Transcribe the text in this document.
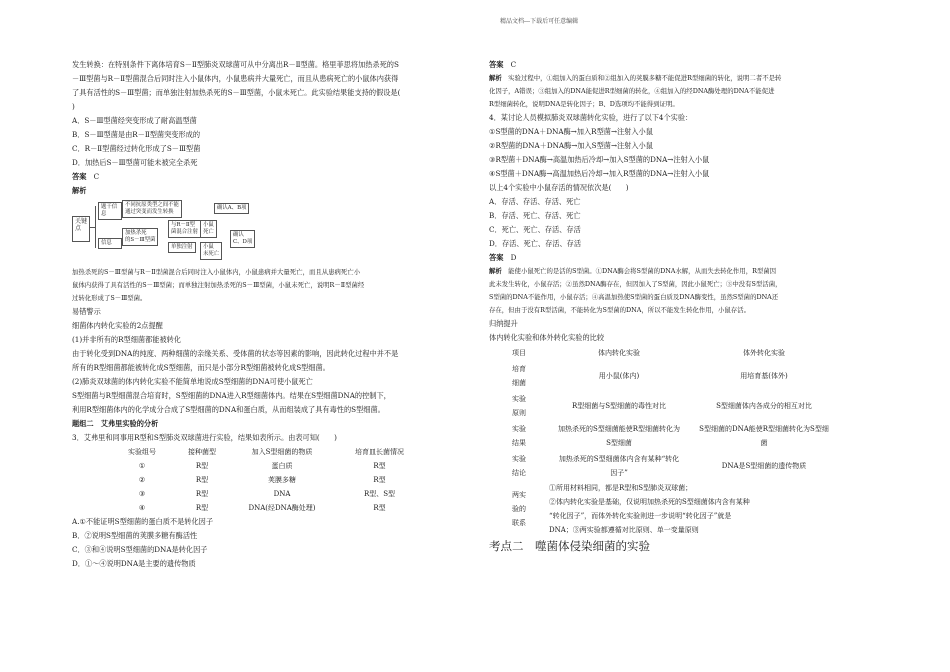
精品文档---下载后可任意编辑

发生转换：在特别条件下离体培育S－Ⅱ型肺炎双球菌可从中分离出R－Ⅱ型菌。格里菲思将加热杀死的S

－Ⅲ型菌与R－Ⅱ型菌混合后同时注入小鼠体内，小鼠患病并大量死亡，而且从患病死亡的小鼠体内获得

了具有活性的S－Ⅲ型菌；而单独注射加热杀死的S－Ⅲ型菌，小鼠未死亡。此实验结果能支持的假设是(

)

A．S－Ⅲ型菌经突变形成了耐高温型菌

B．S－Ⅲ型菌是由R－Ⅱ型菌突变形成的

C．R－Ⅱ型菌经过转化形成了S－Ⅲ型菌

D．加热后S－Ⅲ型菌可能未被完全杀死

答案　 C

解析

关键点
题干信息
信息
不同抗原类型之间不能
通过突变而发生转换
确认A、B项
加热杀死
的S－Ⅲ型菌
与R－Ⅱ型
菌混合注射
单独注射
小鼠
死亡
小鼠
未死亡
确认
C、D项

加热杀死的S－Ⅲ型菌与R－Ⅱ型菌混合后同时注入小鼠体内，小鼠患病并大量死亡，而且从患病死亡小

鼠体内获得了具有活性的S－Ⅲ型菌；而单独注射加热杀死的S－Ⅲ型菌，小鼠未死亡，说明R－Ⅱ型菌经

过转化形成了S－Ⅲ型菌。

易错警示

细菌体内转化实验的2点提醒

(1)并非所有的R型细菌都能被转化

由于转化受到DNA的纯度、两种细菌的亲缘关系、受体菌的状态等因素的影响，因此转化过程中并不是

所有的R型细菌都能被转化成S型细菌，而只是小部分R型细菌被转化成S型细菌。

(2)肺炎双球菌的体内转化实验不能简单地说成S型细菌的DNA可使小鼠死亡

S型细菌与R型细菌混合培育时，S型细菌的DNA进入R型细菌体内。结果在S型细菌DNA的控制下，

利用R型细菌体内的化学成分合成了S型细菌的DNA和蛋白质，从而组装成了具有毒性的S型细菌。

题组二　艾弗里实验的分析

3．艾弗里和同事用R型和S型肺炎双球菌进行实验，结果如表所示。由表可知(　　)

实验组号	接种菌型	加入S型细菌的物质	培育皿长菌情况
①	R型	蛋白质	R型
②	R型	荚膜多糖	R型
③	R型	DNA	R型、S型
④	R型	DNA(经DNA酶处理)	R型

A.①不能证明S型细菌的蛋白质不是转化因子

B．②说明S型细菌的荚膜多糖有酶活性

C．③和④说明S型细菌的DNA是转化因子

D．①～④说明DNA是主要的遗传物质

答案　 C

解析　 实验过程中，①组加入的蛋白质和②组加入的荚膜多糖不能促进R型细菌的转化，说明二者不是转

化因子，A错误；③组加入的DNA能促进R型细菌的转化，④组加入的经DNA酶处理的DNA不能促进

R型细菌转化，说明DNA是转化因子；B、D选项均不能得到证明。

4．某讨论人员模拟肺炎双球菌转化实验，进行了以下4个实验：

①S型菌的DNA＋DNA酶→加入R型菌→注射入小鼠

②R型菌的DNA＋DNA酶→加入S型菌→注射入小鼠

③R型菌＋DNA酶→高温加热后冷却→加入S型菌的DNA→注射入小鼠

④S型菌＋DNA酶→高温加热后冷却→加入R型菌的DNA→注射入小鼠

以上4个实验中小鼠存活的情况依次是(　　)

A．存活、存活、存活、死亡

B．存活、死亡、存活、死亡

C．死亡、死亡、存活、存活

D．存活、死亡、存活、存活

答案　 D

解析　 能使小鼠死亡的是活的S型菌。①DNA酶会将S型菌的DNA水解，从而失去转化作用，R型菌因

此未发生转化，小鼠存活；②虽然DNA酶存在，但因加入了S型菌，因此小鼠死亡；③中没有S型活菌，

S型菌的DNA不能作用，小鼠存活；④高温加热使S型菌的蛋白质及DNA酶变性，虽然S型菌的DNA还

存在，但由于没有R型活菌，不能转化为S型菌的DNA，所以不能发生转化作用，小鼠存活。

归纳提升

体内转化实验和体外转化实验的比较

项目	体内转化实验	体外转化实验
培育细菌	用小鼠(体内)	用培育基(体外)
实验原则	R型细菌与S型细菌的毒性对比	S型细菌体内各成分的相互对比
实验结果	加热杀死的S型细菌能使R型细菌转化为S型细菌	S型细菌的DNA能使R型细菌转化为S型细菌
实验结论	加热杀死的S型细菌体内含有某种“转化因子”	DNA是S型细菌的遗传物质
两实验的联系	①所用材料相同，都是R型和S型肺炎双球菌；
②体内转化实验是基础，仅说明加热杀死的S型细菌体内含有某种
“转化因子”，而体外转化实验则进一步说明“转化因子”就是
DNA；③两实验都遵循对比原则、单一变量原则	

考点二　噬菌体侵染细菌的实验
